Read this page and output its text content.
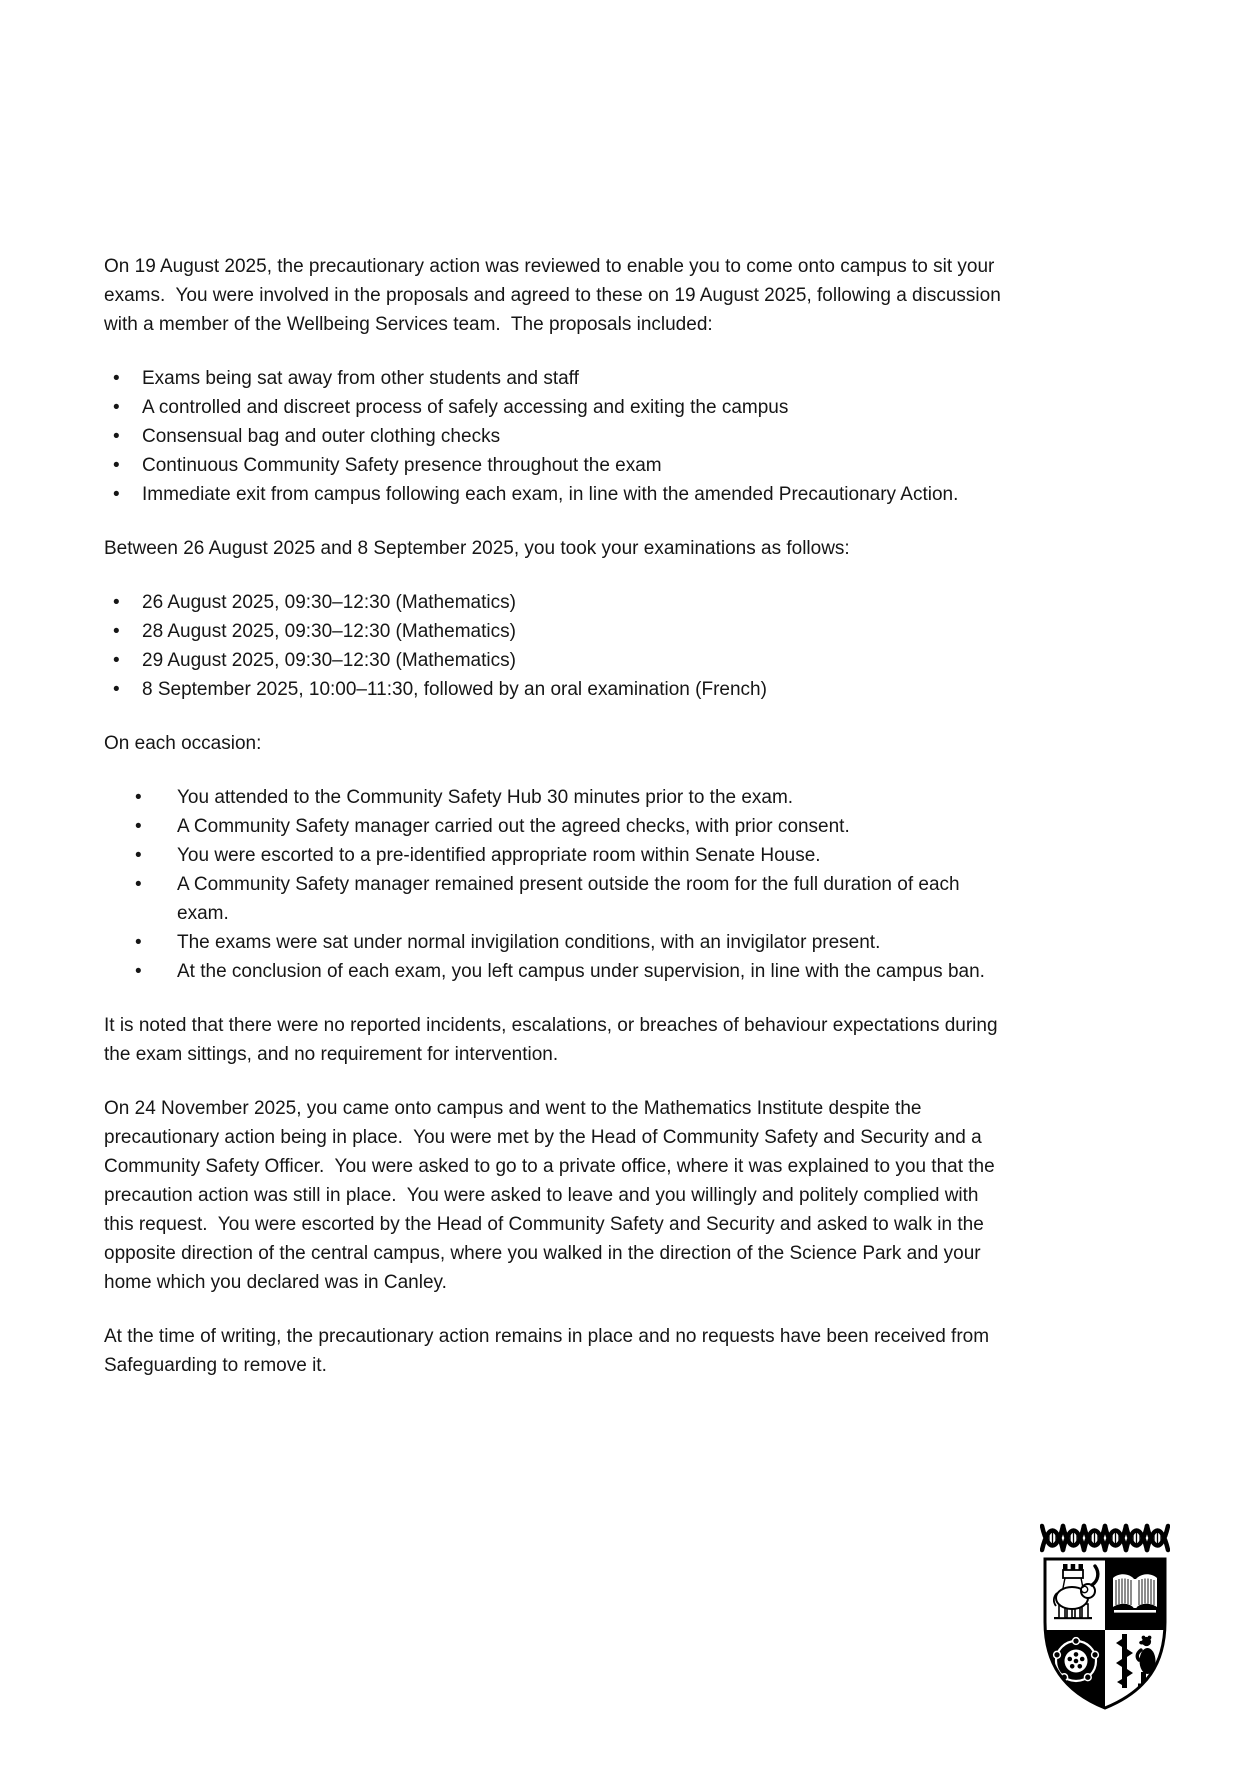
On 19 August 2025, the precautionary action was reviewed to enable you to come onto campus to sit your exams.  You were involved in the proposals and agreed to these on 19 August 2025, following a discussion with a member of the Wellbeing Services team.  The proposals included:

• Exams being sat away from other students and staff
• A controlled and discreet process of safely accessing and exiting the campus
• Consensual bag and outer clothing checks
• Continuous Community Safety presence throughout the exam
• Immediate exit from campus following each exam, in line with the amended Precautionary Action.

Between 26 August 2025 and 8 September 2025, you took your examinations as follows:

• 26 August 2025, 09:30–12:30 (Mathematics)
• 28 August 2025, 09:30–12:30 (Mathematics)
• 29 August 2025, 09:30–12:30 (Mathematics)
• 8 September 2025, 10:00–11:30, followed by an oral examination (French)

On each occasion:

• You attended to the Community Safety Hub 30 minutes prior to the exam.
• A Community Safety manager carried out the agreed checks, with prior consent.
• You were escorted to a pre-identified appropriate room within Senate House.
• A Community Safety manager remained present outside the room for the full duration of each exam.
• The exams were sat under normal invigilation conditions, with an invigilator present.
• At the conclusion of each exam, you left campus under supervision, in line with the campus ban.

It is noted that there were no reported incidents, escalations, or breaches of behaviour expectations during the exam sittings, and no requirement for intervention.

On 24 November 2025, you came onto campus and went to the Mathematics Institute despite the precautionary action being in place.  You were met by the Head of Community Safety and Security and a Community Safety Officer.  You were asked to go to a private office, where it was explained to you that the precaution action was still in place.  You were asked to leave and you willingly and politely complied with this request.  You were escorted by the Head of Community Safety and Security and asked to walk in the opposite direction of the central campus, where you walked in the direction of the Science Park and your home which you declared was in Canley.

At the time of writing, the precautionary action remains in place and no requests have been received from Safeguarding to remove it.
